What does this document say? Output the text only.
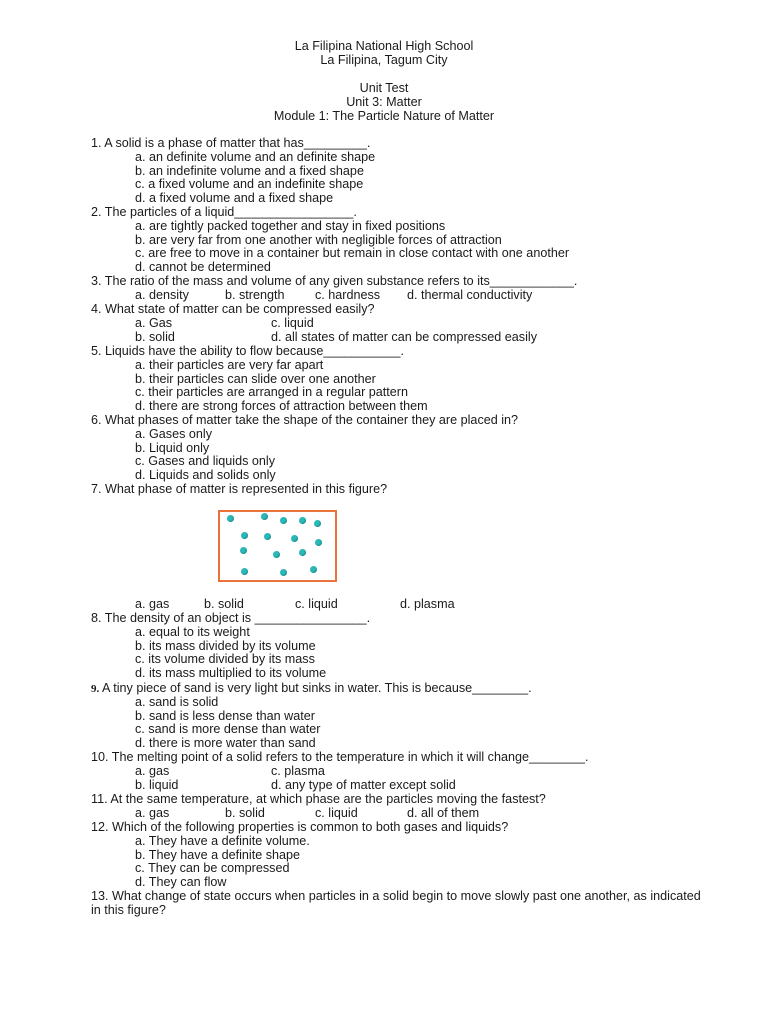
La Filipina National High School
La Filipina, Tagum City
Unit Test
Unit 3: Matter
Module 1: The Particle Nature of Matter
1. A solid is a phase of matter that has_________.
a. an definite volume and an definite shape
b. an indefinite volume and a fixed shape
c. a fixed volume and an indefinite shape
d. a fixed volume and a fixed shape
2. The particles of a liquid_________________.
a. are tightly packed together and stay in fixed positions
b. are very far from one another with negligible forces of attraction
c. are free to move in a container but remain in close contact with one another
d. cannot be determined
3. The ratio of the mass and volume of any given substance refers to its____________.
a. density	b. strength c. hardness d. thermal conductivity
4. What state of matter can be compressed easily?
a. Gas	c. liquid
b. solid	d. all states of matter can be compressed easily
5. Liquids have the ability to flow because___________.
a. their particles are very far apart
b. their particles can slide over one another
c. their particles are arranged in a regular pattern
d. there are strong forces of attraction between them
6. What phases of matter take the shape of the container they are placed in?
a. Gases only
b. Liquid only
c. Gases and liquids only
d. Liquids and solids only
7. What phase of matter is represented in this figure?
a. gas	b. solid	c. liquid	d. plasma
8. The density of an object is ________________.
a. equal to its weight
b. its mass divided by its volume
c. its volume divided by its mass
d. its mass multiplied to its volume
9. A tiny piece of sand is very light but sinks in water. This is because________.
a. sand is solid
b. sand is less dense than water
c. sand is more dense than water
d. there is more water than sand
10. The melting point of a solid refers to the temperature in which it will change________.
a. gas	c. plasma
b. liquid	d. any type of matter except solid
11. At the same temperature, at which phase are the particles moving the fastest?
a. gas	b. solid	c. liquid	d. all of them
12. Which of the following properties is common to both gases and liquids?
a. They have a definite volume.
b. They have a definite shape
c. They can be compressed
d. They can flow
13. What change of state occurs when particles in a solid begin to move slowly past one another, as indicated in this figure?
